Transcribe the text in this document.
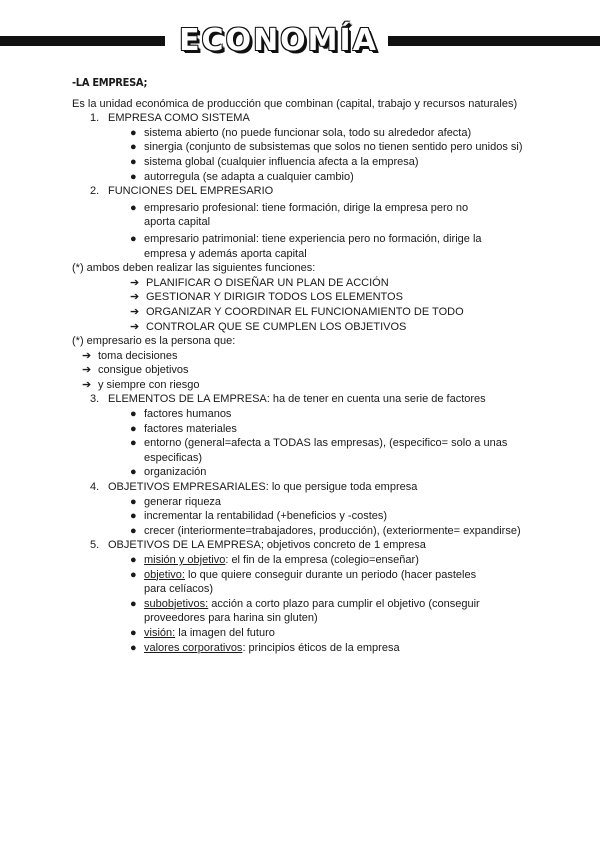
ECONOMÍA
-LA EMPRESA;
Es la unidad económica de producción que combinan (capital, trabajo y recursos naturales)
1. EMPRESA COMO SISTEMA
● sistema abierto (no puede funcionar sola, todo su alrededor afecta)
● sinergia (conjunto de subsistemas que solos no tienen sentido pero unidos si)
● sistema global (cualquier influencia afecta a la empresa)
● autorregula (se adapta a cualquier cambio)
2. FUNCIONES DEL EMPRESARIO
● empresario profesional: tiene formación, dirige la empresa pero no aporta capital
● empresario patrimonial: tiene experiencia pero no formación, dirige la empresa y además aporta capital
(*) ambos deben realizar las siguientes funciones:
➔ PLANIFICAR O DISEÑAR UN PLAN DE ACCIÓN
➔ GESTIONAR Y DIRIGIR TODOS LOS ELEMENTOS
➔ ORGANIZAR Y COORDINAR EL FUNCIONAMIENTO DE TODO
➔ CONTROLAR QUE SE CUMPLEN LOS OBJETIVOS
(*) empresario es la persona que:
➔ toma decisiones
➔ consigue objetivos
➔ y siempre con riesgo
3. ELEMENTOS DE LA EMPRESA: ha de tener en cuenta una serie de factores
● factores humanos
● factores materiales
● entorno (general=afecta a TODAS las empresas), (especifico= solo a unas especificas)
● organización
4. OBJETIVOS EMPRESARIALES: lo que persigue toda empresa
● generar riqueza
● incrementar la rentabilidad (+beneficios y -costes)
● crecer (interiormente=trabajadores, producción), (exteriormente= expandirse)
5. OBJETIVOS DE LA EMPRESA; objetivos concreto de 1 empresa
● misión y objetivo: el fin de la empresa (colegio=enseñar)
● objetivo: lo que quiere conseguir durante un periodo (hacer pasteles para celíacos)
● subobjetivos: acción a corto plazo para cumplir el objetivo (conseguir proveedores para harina sin gluten)
● visión: la imagen del futuro
● valores corporativos: principios éticos de la empresa
